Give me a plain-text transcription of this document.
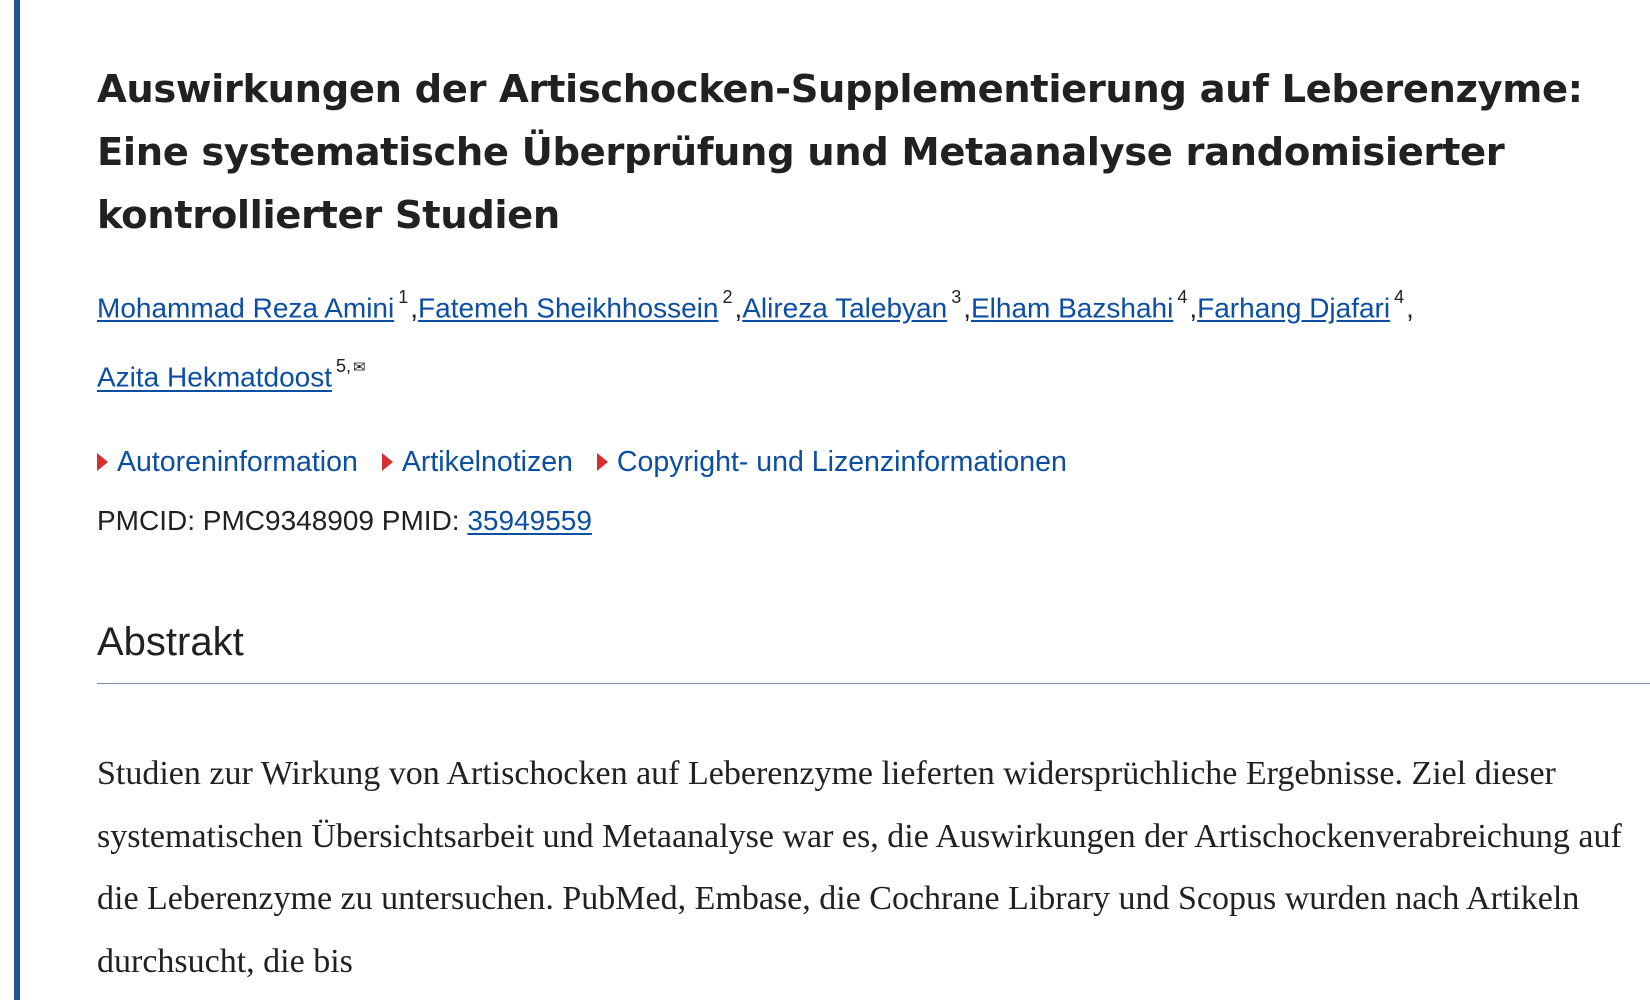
Auswirkungen der Artischocken-Supplementierung auf Leberenzyme: Eine systematische Überprüfung und Metaanalyse randomisierter kontrollierter Studien
Mohammad Reza Amini $^1$,Fatemeh Sheikhhossein $^2$,Alireza Talebyan $^3$,Elham Bazshahi $^4$,Farhang Djafari $^4$,
Azita Hekmatdoost $^{5, ✉}$
Autoreninformation Artikelnotizen Copyright- und Lizenzinformationen
PMCID: PMC9348909 PMID: 35949559
Abstrakt

Studien zur Wirkung von Artischocken auf Leberenzyme lieferten widersprüchliche Ergebnisse. Ziel dieser systematischen Übersichtsarbeit und Metaanalyse war es, die Auswirkungen der Artischockenverabreichung auf die Leberenzyme zu untersuchen. PubMed, Embase, die Cochrane Library und Scopus wurden nach Artikeln durchsucht, die bis
